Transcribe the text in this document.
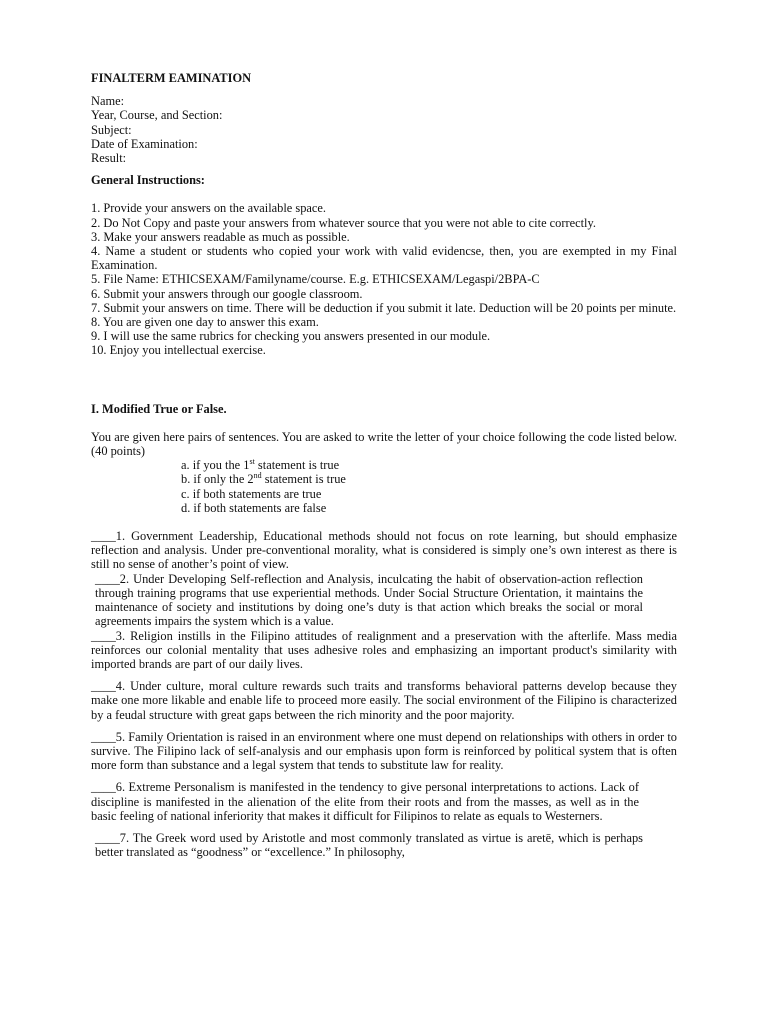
FINALTERM EAMINATION
Name:
Year, Course, and Section:
Subject:
Date of Examination:
Result:
General Instructions:
1. Provide your answers on the available space.
2. Do Not Copy and paste your answers from whatever source that you were not able to cite correctly.
3. Make your answers readable as much as possible.
4. Name a student or students who copied your work with valid evidencse, then, you are exempted in my Final Examination.
5. File Name: ETHICSEXAM/Familyname/course. E.g. ETHICSEXAM/Legaspi/2BPA-C
6. Submit your answers through our google classroom.
7. Submit your answers on time. There will be deduction if you submit it late. Deduction will be 20 points per minute.
8. You are given one day to answer this exam.
9. I will use the same rubrics for checking you answers presented in our module.
10. Enjoy you intellectual exercise.
I. Modified True or False.
You are given here pairs of sentences. You are asked to write the letter of your choice following the code listed below. (40 points)
a. if you the 1st statement is true
b. if only the 2nd statement is true
c. if both statements are true
d. if both statements are false
____1. Government Leadership, Educational methods should not focus on rote learning, but should emphasize reflection and analysis. Under pre-conventional morality, what is considered is simply one’s own interest as there is still no sense of another’s point of view.
____2. Under Developing Self-reflection and Analysis, inculcating the habit of observation-action reflection through training programs that use experiential methods. Under Social Structure Orientation, it maintains the maintenance of society and institutions by doing one’s duty is that action which breaks the social or moral agreements impairs the system which is a value.
____3. Religion instills in the Filipino attitudes of realignment and a preservation with the afterlife. Mass media reinforces our colonial mentality that uses adhesive roles and emphasizing an important product's similarity with imported brands are part of our daily lives.
____4. Under culture, moral culture rewards such traits and transforms behavioral patterns develop because they make one more likable and enable life to proceed more easily. The social environment of the Filipino is characterized by a feudal structure with great gaps between the rich minority and the poor majority.
____5. Family Orientation is raised in an environment where one must depend on relationships with others in order to survive. The Filipino lack of self-analysis and our emphasis upon form is reinforced by political system that is often more form than substance and a legal system that tends to substitute law for reality.
____6. Extreme Personalism is manifested in the tendency to give personal interpretations to actions. Lack of discipline is manifested in the alienation of the elite from their roots and from the masses, as well as in the basic feeling of national inferiority that makes it difficult for Filipinos to relate as equals to Westerners.
____7. The Greek word used by Aristotle and most commonly translated as virtue is aretē, which is perhaps better translated as “goodness” or “excellence.” In philosophy,
